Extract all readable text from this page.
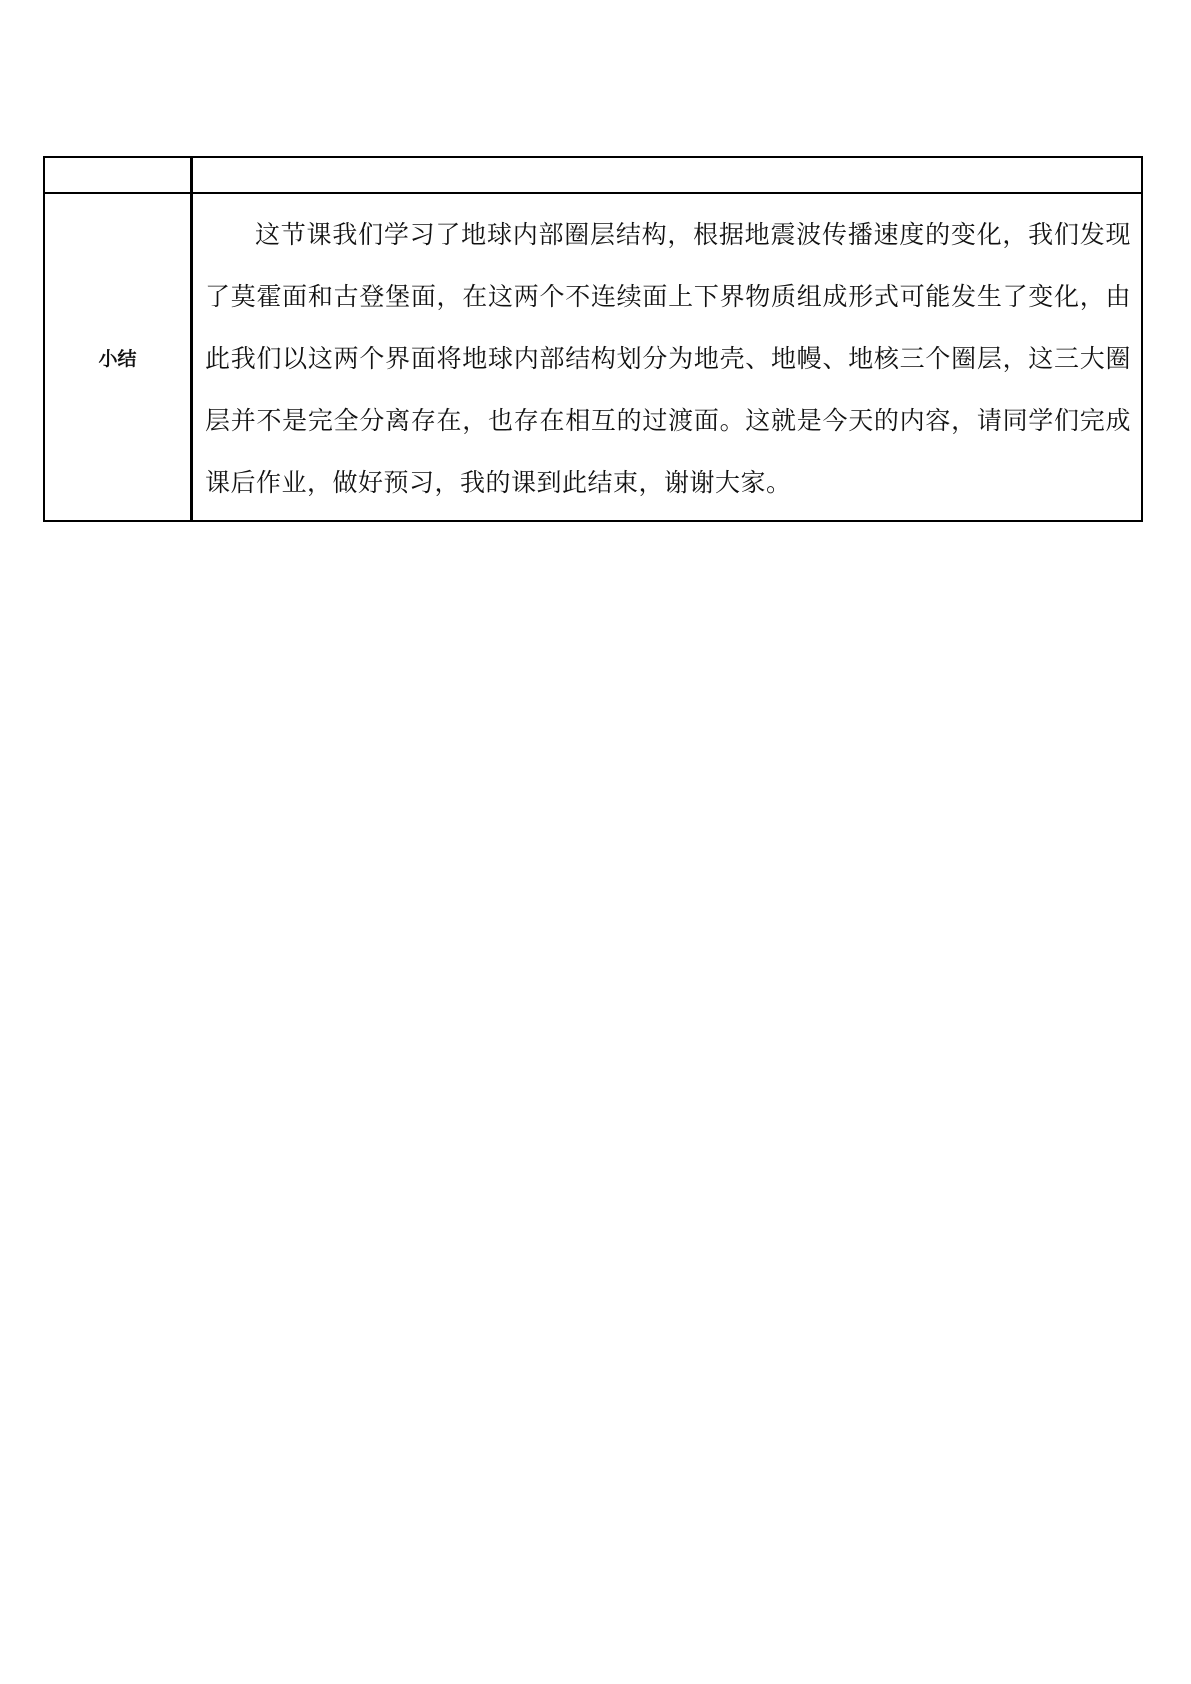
小结	这节课我们学习了地球内部圈层结构，根据地震波传播速度的变化，我们发现了莫霍面和古登堡面，在这两个不连续面上下界物质组成形式可能发生了变化，由此我们以这两个界面将地球内部结构划分为地壳、地幔、地核三个圈层，这三大圈层并不是完全分离存在，也存在相互的过渡面。这就是今天的内容，请同学们完成课后作业，做好预习，我的课到此结束，谢谢大家。
